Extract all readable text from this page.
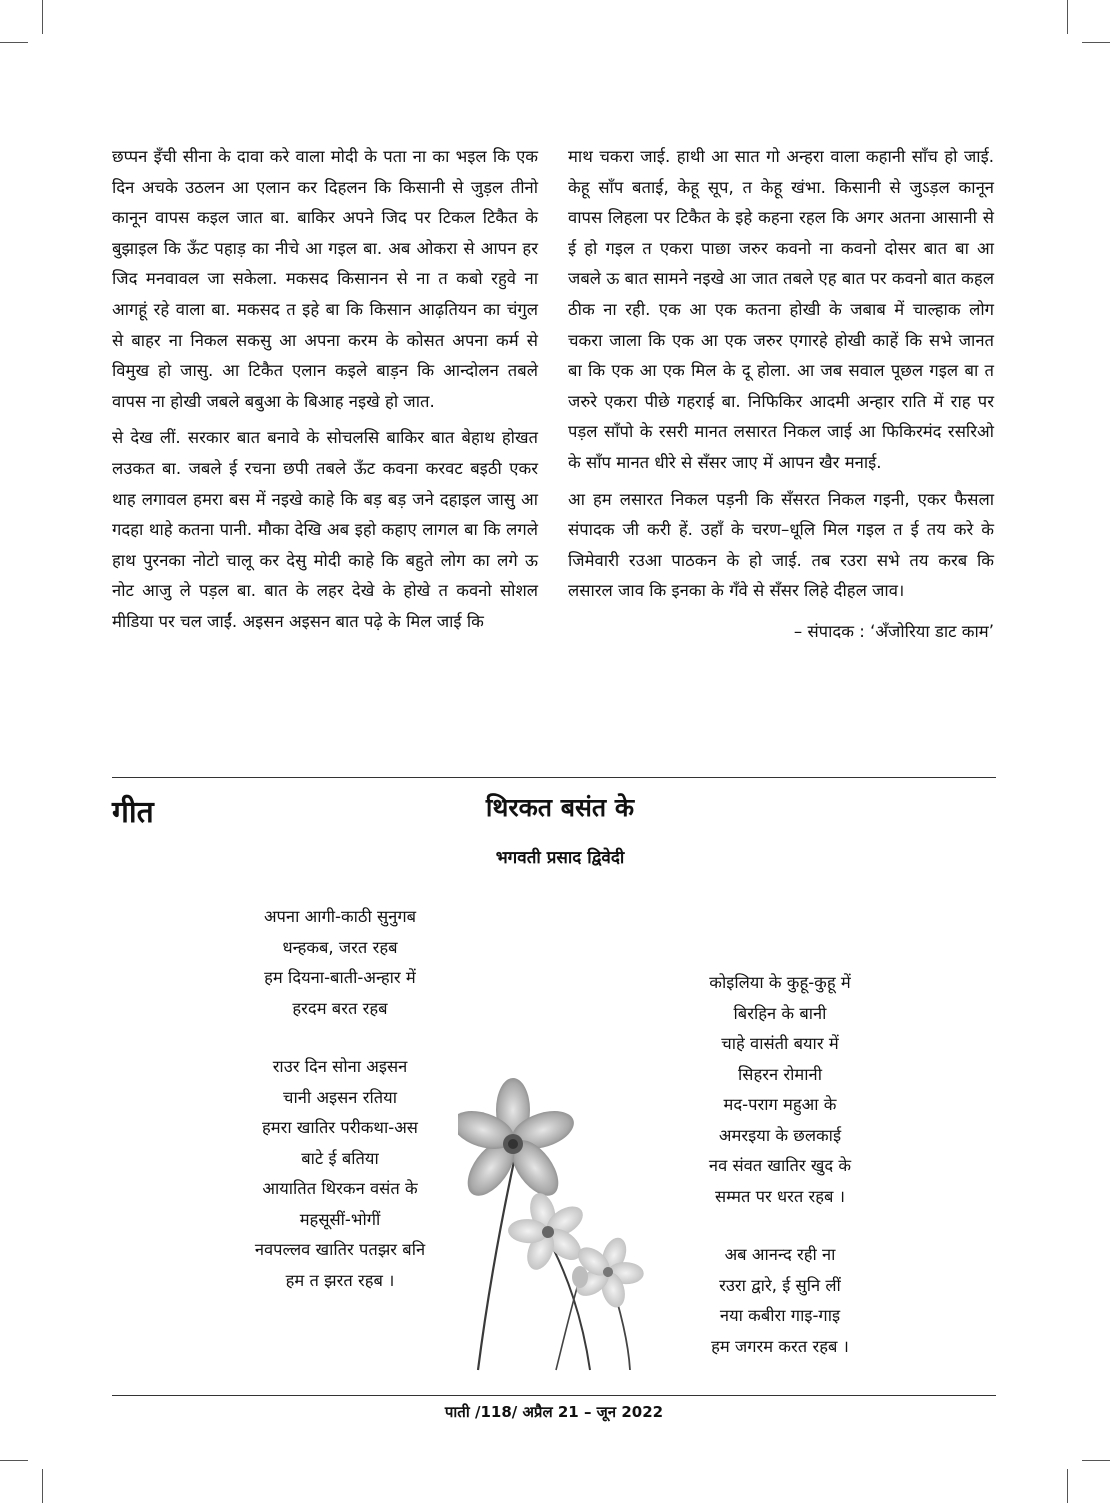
छप्पन इँची सीना के दावा करे वाला मोदी के पता ना का भइल कि एक दिन अचके उठलन आ एलान कर दिहलन कि किसानी से जुड़ल तीनो कानून वापस कइल जात बा. बाकिर अपने जिद पर टिकल टिकैत के बुझाइल कि ऊँट पहाड़ का नीचे आ गइल बा. अब ओकरा से आपन हर जिद मनवावल जा सकेला. मकसद किसानन से ना त कबो रहुवे ना आगहूं रहे वाला बा. मकसद त इहे बा कि किसान आढ़तियन का चंगुल से बाहर ना निकल सकसु आ अपना करम के कोसत अपना कर्म से विमुख हो जासु. आ टिकैत एलान कइले बाड़न कि आन्दोलन तबले वापस ना होखी जबले बबुआ के बिआह नइखे हो जात.

से देख लीं. सरकार बात बनावे के सोचलसि बाकिर बात बेहाथ होखत लउकत बा. जबले ई रचना छपी तबले ऊँट कवना करवट बइठी एकर थाह लगावल हमरा बस में नइखे काहे कि बड़ बड़ जने दहाइल जासु आ गदहा थाहे कतना पानी. मौका देखि अब इहो कहाए लागल बा कि लगले हाथ पुरनका नोटो चालू कर देसु मोदी काहे कि बहुते लोग का लगे ऊ नोट आजु ले पड़ल बा. बात के लहर देखे के होखे त कवनो सोशल मीडिया पर चल जाईं. अइसन अइसन बात पढ़े के मिल जाई कि

माथ चकरा जाई. हाथी आ सात गो अन्हरा वाला कहानी साँच हो जाई. केहू साँप बताई, केहू सूप, त केहू खंभा. किसानी से जुऽड़ल कानून वापस लिहला पर टिकैत के इहे कहना रहल कि अगर अतना आसानी से ई हो गइल त एकरा पाछा जरुर कवनो ना कवनो दोसर बात बा आ जबले ऊ बात सामने नइखे आ जात तबले एह बात पर कवनो बात कहल ठीक ना रही. एक आ एक कतना होखी के जबाब में चाल्हाक लोग चकरा जाला कि एक आ एक जरुर एगारहे होखी काहें कि सभे जानत बा कि एक आ एक मिल के दू होला. आ जब सवाल पूछल गइल बा त जरुरे एकरा पीछे गहराई बा. निफिकिर आदमी अन्हार राति में राह पर पड़ल साँपो के रसरी मानत लसारत निकल जाई आ फिकिरमंद रसरिओ के साँप मानत धीरे से सँसर जाए में आपन खैर मनाई.

आ हम लसारत निकल पड़नी कि सँसरत निकल गइनी, एकर फैसला संपादक जी करी हें. उहाँ के चरण–धूलि मिल गइल त ई तय करे के जिमेवारी रउआ पाठकन के हो जाई. तब रउरा सभे तय करब कि लसारल जाव कि इनका के गँवे से सँसर लिहे दीहल जाव।

– संपादक : ‘अँजोरिया डाट काम’
गीत	थिरकत बसंत के
भगवती प्रसाद द्विवेदी
अपना आगी-काठी सुनुगब
धन्हकब, जरत रहब
हम दियना-बाती-अन्हार में
हरदम बरत रहब
राउर दिन सोना अइसन
चानी अइसन रतिया
हमरा खातिर परीकथा-अस
बाटे ई बतिया
आयातित थिरकन वसंत के
महसूसीं-भोगीं
नवपल्लव खातिर पतझर बनि
हम त झरत रहब ।
कोइलिया के कुहू-कुहू में
बिरहिन के बानी
चाहे वासंती बयार में
सिहरन रोमानी
मद-पराग महुआ के
अमरइया के छलकाई
नव संवत खातिर खुद के
सम्मत पर धरत रहब ।
अब आनन्द रही ना
रउरा द्वारे, ई सुनि लीं
नया कबीरा गाइ-गाइ
हम जगरम करत रहब ।
पाती /118/ अप्रैल 21 – जून 2022
